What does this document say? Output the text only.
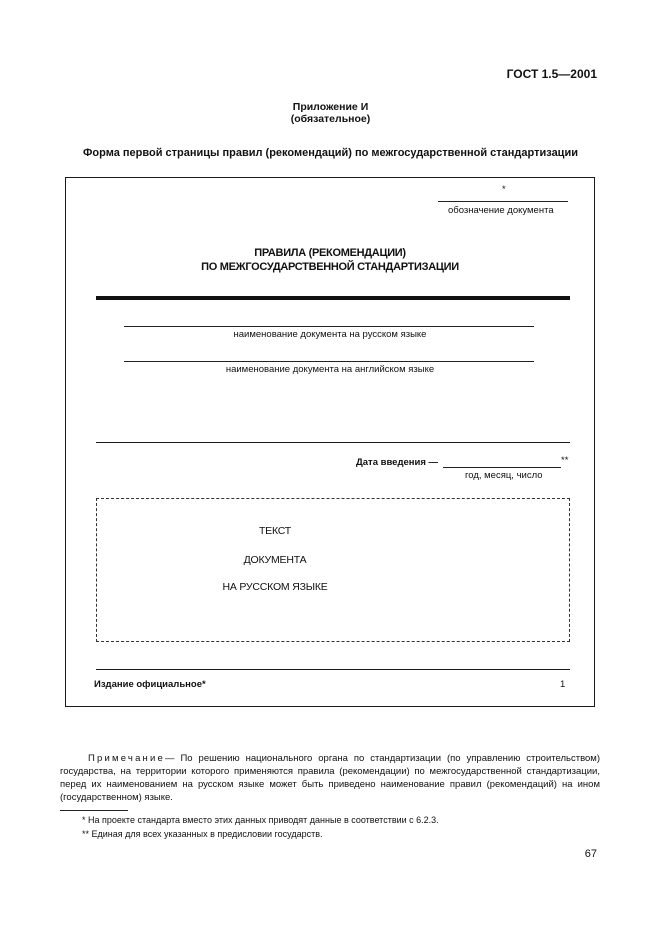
ГОСТ 1.5—2001
Приложение И
(обязательное)
Форма первой страницы правил (рекомендаций) по межгосударственной стандартизации
*
обозначение документа
ПРАВИЛА (РЕКОМЕНДАЦИИ)
ПО МЕЖГОСУДАРСТВЕННОЙ СТАНДАРТИЗАЦИИ
наименование документа на русском языке
наименование документа на английском языке
Дата введения —	**
год, месяц, число
ТЕКСТ
ДОКУМЕНТА
НА РУССКОМ ЯЗЫКЕ
Издание официальное*	1
Примечание— По решению национального органа по стандартизации (по управлению строительством) государства, на территории которого применяются правила (рекомендации) по межгосударственной стандартизации, перед их наименованием на русском языке может быть приведено наименование правил (рекомендаций) на ином (государственном) языке.
* На проекте стандарта вместо этих данных приводят данные в соответствии с 6.2.3.
** Единая для всех указанных в предисловии государств.
67
